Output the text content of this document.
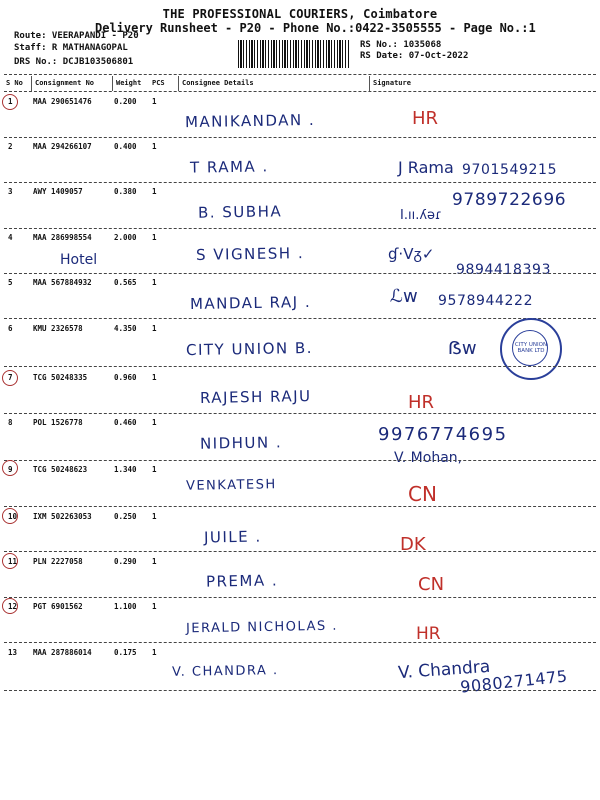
THE PROFESSIONAL COURIERS, Coimbatore
Delivery Runsheet - P20 - Phone No.:0422-3505555 - Page No.:1
Route: VEERAPANDI - P20
Staff: R MATHANAGOPAL
DRS No.: DCJB103506801
RS No.: 1035068
RS Date: 07-Oct-2022
S No Consignment No	Weight PCS Consignee Details	Signature
1	MAA 290651476	0.200 1
MANIKANDAN .	HR
2	MAA 294266107	0.400 1
T RAMA .	J Rama 9701549215
3	AWY 1409057	0.380 1
B. SUBHA
9789722696
I.ıı.ʎǝɾ
4	MAA 286998554	2.000 1
Hotel	S VIGNESH .	ɠ·Vᵹ✓
9894418393
5	MAA 567884932	0.565 1
MANDAL RAJ .	ℒw 9578944222
6	KMU 2326578	4.350 1
CITY UNION B.	ẞw	CITY UNION BANK LTD
7	TCG 50248335	0.960 1
RAJESH RAJU	HR
8	POL 1526778	0.460 1
NIDHUN .	9976774695
V. Mohan,
9	TCG 50248623	1.340 1
VENKATESH	CN
10 IXM 502263053	0.250 1
JUILE .	DK
11 PLN 2227058	0.290 1
PREMA .	CN
12 PGT 6901562	1.100 1
JERALD NICHOLAS .	HR
13 MAA 287886014	0.175 1
V. CHANDRA .	V. Chandra
9080271475
